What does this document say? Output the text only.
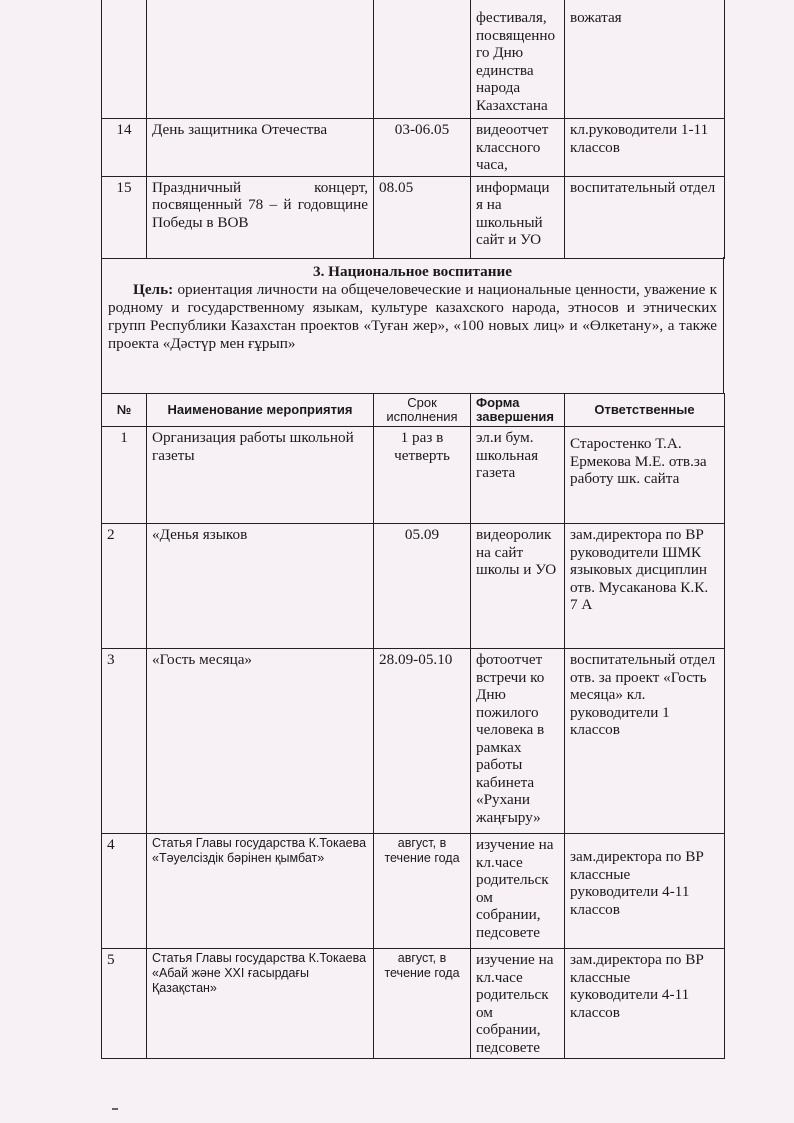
			фестиваля, посвященно го Дню единства народа Казахстана	вожатая
14	День защитника Отечества	03-06.05	видеоотчет классного часа,	кл.руководители 1-11 классов
15	Праздничный концерт, посвященный 78 – й годовщине Победы в ВОВ	08.05	информаци я на школьный сайт и УО	воспитательный отдел

3. Национальное воспитание

Цель: ориентация личности на общечеловеческие и национальные ценности, уважение к родному и государственному языкам, культуре казахского народа, этносов и этнических групп Республики Казахстан проектов «Туған жер», «100 новых лиц» и «Өлкетану», а также проекта «Дәстүр мен ғұрып»

№	Наименование мероприятия	Срок исполнения	Форма завершения	Ответственные
1	Организация работы школьной газеты	1 раз в четверть	эл.и бум. школьная газета	Старостенко Т.А. Ермекова М.Е. отв.за работу шк. сайта
2	«Денья языков	05.09	видеоролик на сайт школы и УО	зам.директора по ВР руководители ШМК языковых дисциплин отв. Мусаканова К.К. 7 А
3	«Гость месяца»	28.09-05.10	фотоотчет встречи ко Дню пожилого человека в рамках работы кабинета «Рухани жаңғыру»	воспитательный отдел отв. за проект «Гость месяца» кл. руководители 1 классов
4	Статья Главы государства К.Токаева «Тәуелсіздік бәрінен қымбат»	август, в течение года	изучение на кл.часе родительск ом собрании, педсовете	зам.директора по ВР классные руководители 4-11 классов
5	Статья Главы государства К.Токаева «Абай және XXI ғасырдағы Қазақстан»	август, в течение года	изучение на кл.часе родительск ом собрании, педсовете	зам.директора по ВР классные куководители 4-11 классов
